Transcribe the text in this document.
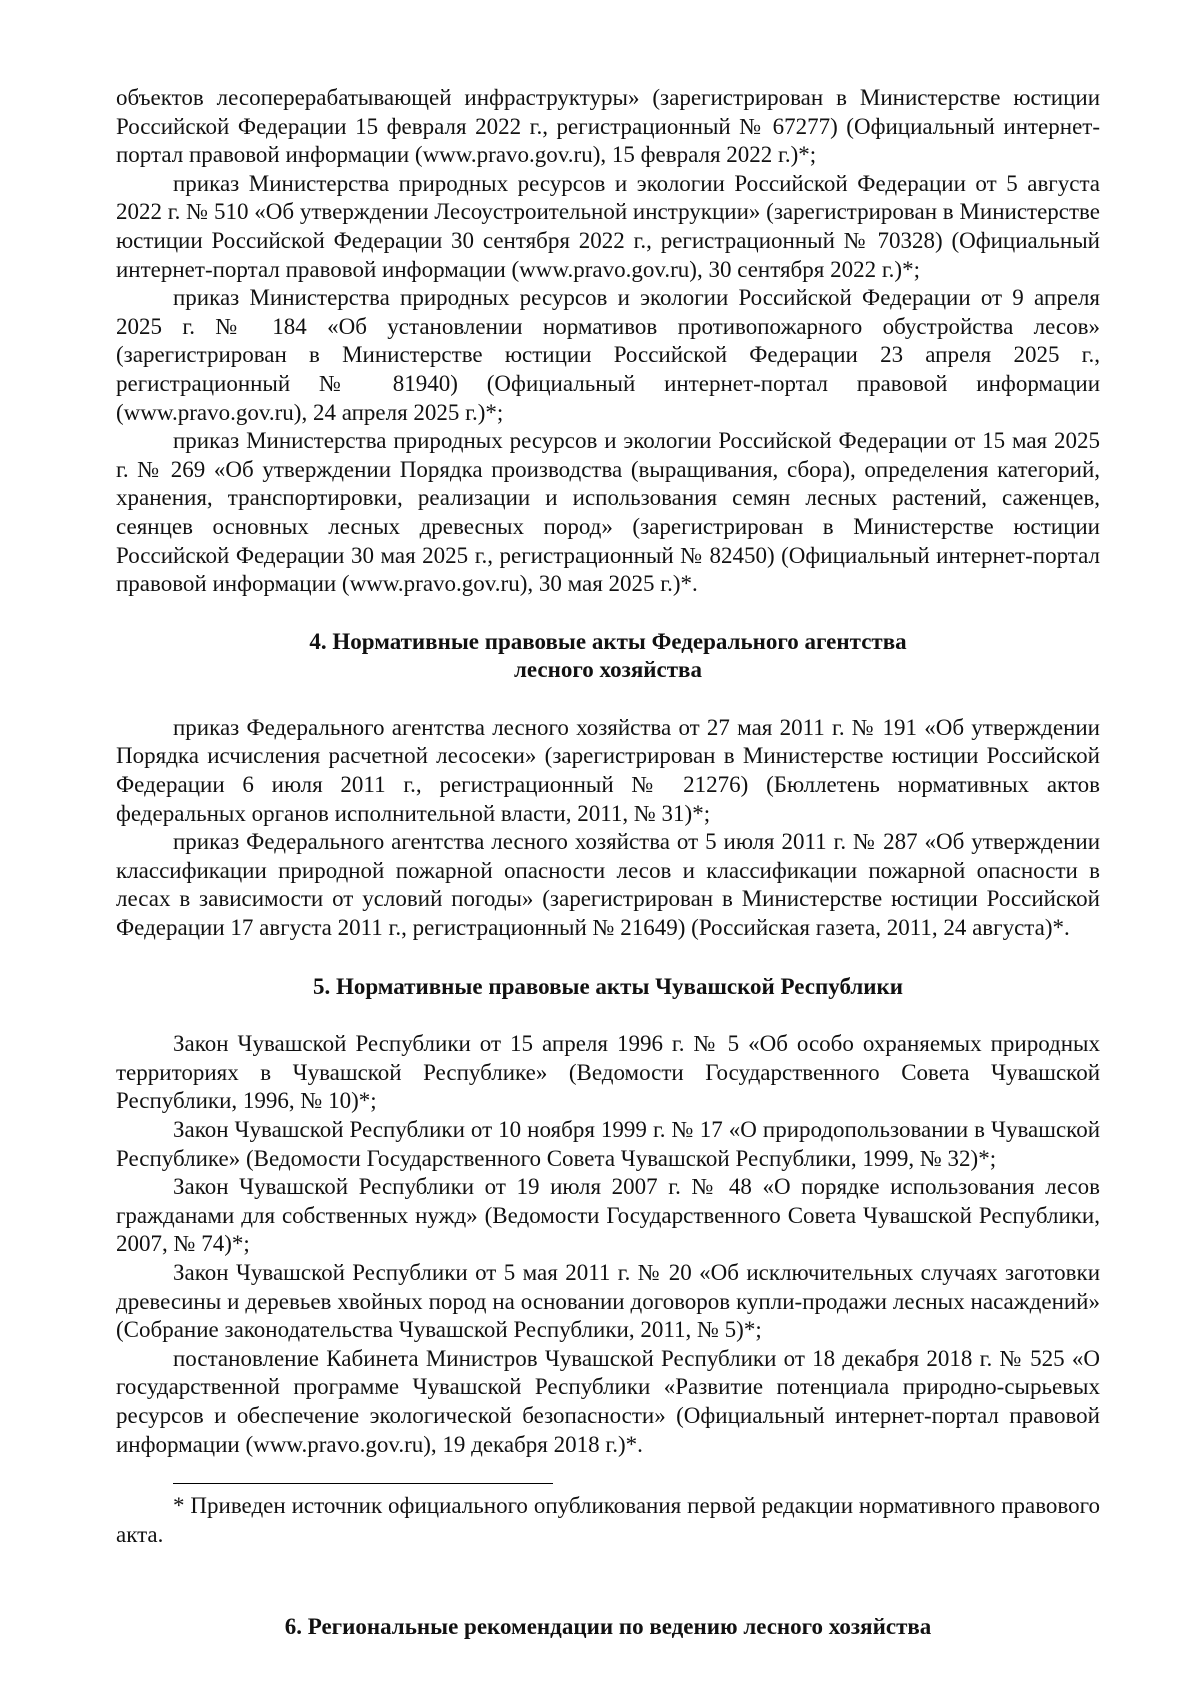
объектов лесоперерабатывающей инфраструктуры» (зарегистрирован в Министерстве юстиции Российской Федерации 15 февраля 2022 г., регистрационный № 67277) (Официальный интернет-портал правовой информации (www.pravo.gov.ru), 15 февраля 2022 г.)*;

приказ Министерства природных ресурсов и экологии Российской Федерации от 5 августа 2022 г. № 510 «Об утверждении Лесоустроительной инструкции» (зарегистрирован в Министерстве юстиции Российской Федерации 30 сентября 2022 г., регистрационный № 70328) (Официальный интернет-портал правовой информации (www.pravo.gov.ru), 30 сентября 2022 г.)*;

приказ Министерства природных ресурсов и экологии Российской Федерации от 9 апреля 2025 г. № 184 «Об установлении нормативов противопожарного обустройства лесов» (зарегистрирован в Министерстве юстиции Российской Федерации 23 апреля 2025 г., регистрационный № 81940) (Официальный интернет-портал правовой информации (www.pravo.gov.ru), 24 апреля 2025 г.)*;

приказ Министерства природных ресурсов и экологии Российской Федерации от 15 мая 2025 г. № 269 «Об утверждении Порядка производства (выращивания, сбора), определения категорий, хранения, транспортировки, реализации и использования семян лесных растений, саженцев, сеянцев основных лесных древесных пород» (зарегистрирован в Министерстве юстиции Российской Федерации 30 мая 2025 г., регистрационный № 82450) (Официальный интернет-портал правовой информации (www.pravo.gov.ru), 30 мая 2025 г.)*.

4. Нормативные правовые акты Федерального агентства
лесного хозяйства

приказ Федерального агентства лесного хозяйства от 27 мая 2011 г. № 191 «Об утверждении Порядка исчисления расчетной лесосеки» (зарегистрирован в Министерстве юстиции Российской Федерации 6 июля 2011 г., регистрационный № 21276) (Бюллетень нормативных актов федеральных органов исполнительной власти, 2011, № 31)*;

приказ Федерального агентства лесного хозяйства от 5 июля 2011 г. № 287 «Об утверждении классификации природной пожарной опасности лесов и классификации пожарной опасности в лесах в зависимости от условий погоды» (зарегистрирован в Министерстве юстиции Российской Федерации 17 августа 2011 г., регистрационный № 21649) (Российская газета, 2011, 24 августа)*.

5. Нормативные правовые акты Чувашской Республики

Закон Чувашской Республики от 15 апреля 1996 г. № 5 «Об особо охраняемых природных территориях в Чувашской Республике» (Ведомости Государственного Совета Чувашской Республики, 1996, № 10)*;

Закон Чувашской Республики от 10 ноября 1999 г. № 17 «О природопользовании в Чувашской Республике» (Ведомости Государственного Совета Чувашской Республики, 1999, № 32)*;

Закон Чувашской Республики от 19 июля 2007 г. № 48 «О порядке использования лесов гражданами для собственных нужд» (Ведомости Государственного Совета Чувашской Республики, 2007, № 74)*;

Закон Чувашской Республики от 5 мая 2011 г. № 20 «Об исключительных случаях заготовки древесины и деревьев хвойных пород на основании договоров купли-продажи лесных насаждений» (Собрание законодательства Чувашской Республики, 2011, № 5)*;

постановление Кабинета Министров Чувашской Республики от 18 декабря 2018 г. № 525 «О государственной программе Чувашской Республики «Развитие потенциала природно-сырьевых ресурсов и обеспечение экологической безопасности» (Официальный интернет-портал правовой информации (www.pravo.gov.ru), 19 декабря 2018 г.)*.

* Приведен источник официального опубликования первой редакции нормативного правового акта.

6. Региональные рекомендации по ведению лесного хозяйства
